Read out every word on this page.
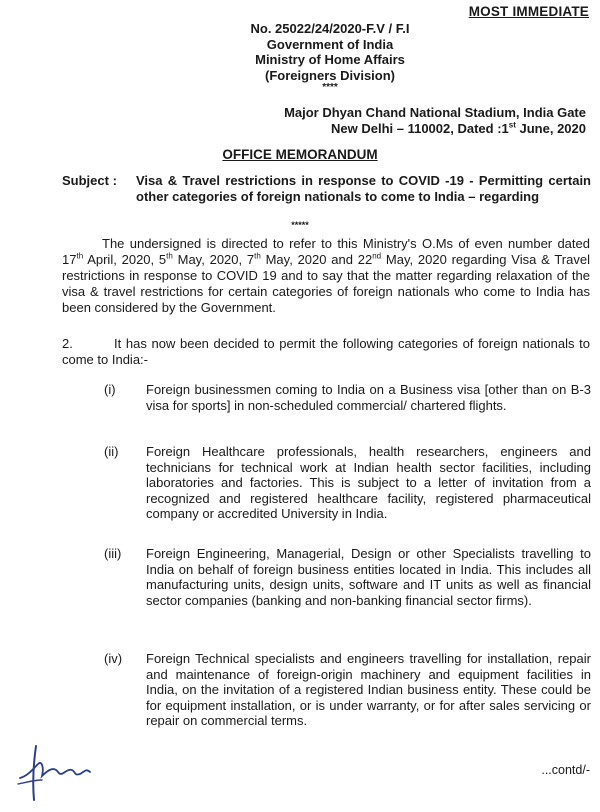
MOST IMMEDIATE
No. 25022/24/2020-F.V / F.I
Government of India
Ministry of Home Affairs
(Foreigners Division)
****
Major Dhyan Chand National Stadium, India Gate
New Delhi – 110002, Dated :1st June, 2020
OFFICE MEMORANDUM
Subject : Visa & Travel restrictions in response to COVID -19 - Permitting certain other categories of foreign nationals to come to India – regarding
*****
The undersigned is directed to refer to this Ministry's O.Ms of even number dated 17th April, 2020, 5th May, 2020, 7th May, 2020 and 22nd May, 2020 regarding Visa & Travel restrictions in response to COVID 19 and to say that the matter regarding relaxation of the visa & travel restrictions for certain categories of foreign nationals who come to India has been considered by the Government.
2.	It has now been decided to permit the following categories of foreign nationals to come to India:-
(i) Foreign businessmen coming to India on a Business visa [other than on B-3 visa for sports] in non-scheduled commercial/ chartered flights.
(ii) Foreign Healthcare professionals, health researchers, engineers and technicians for technical work at Indian health sector facilities, including laboratories and factories. This is subject to a letter of invitation from a recognized and registered healthcare facility, registered pharmaceutical company or accredited University in India.
(iii) Foreign Engineering, Managerial, Design or other Specialists travelling to India on behalf of foreign business entities located in India. This includes all manufacturing units, design units, software and IT units as well as financial sector companies (banking and non-banking financial sector firms).
(iv) Foreign Technical specialists and engineers travelling for installation, repair and maintenance of foreign-origin machinery and equipment facilities in India, on the invitation of a registered Indian business entity. These could be for equipment installation, or is under warranty, or for after sales servicing or repair on commercial terms.
...contd/-
